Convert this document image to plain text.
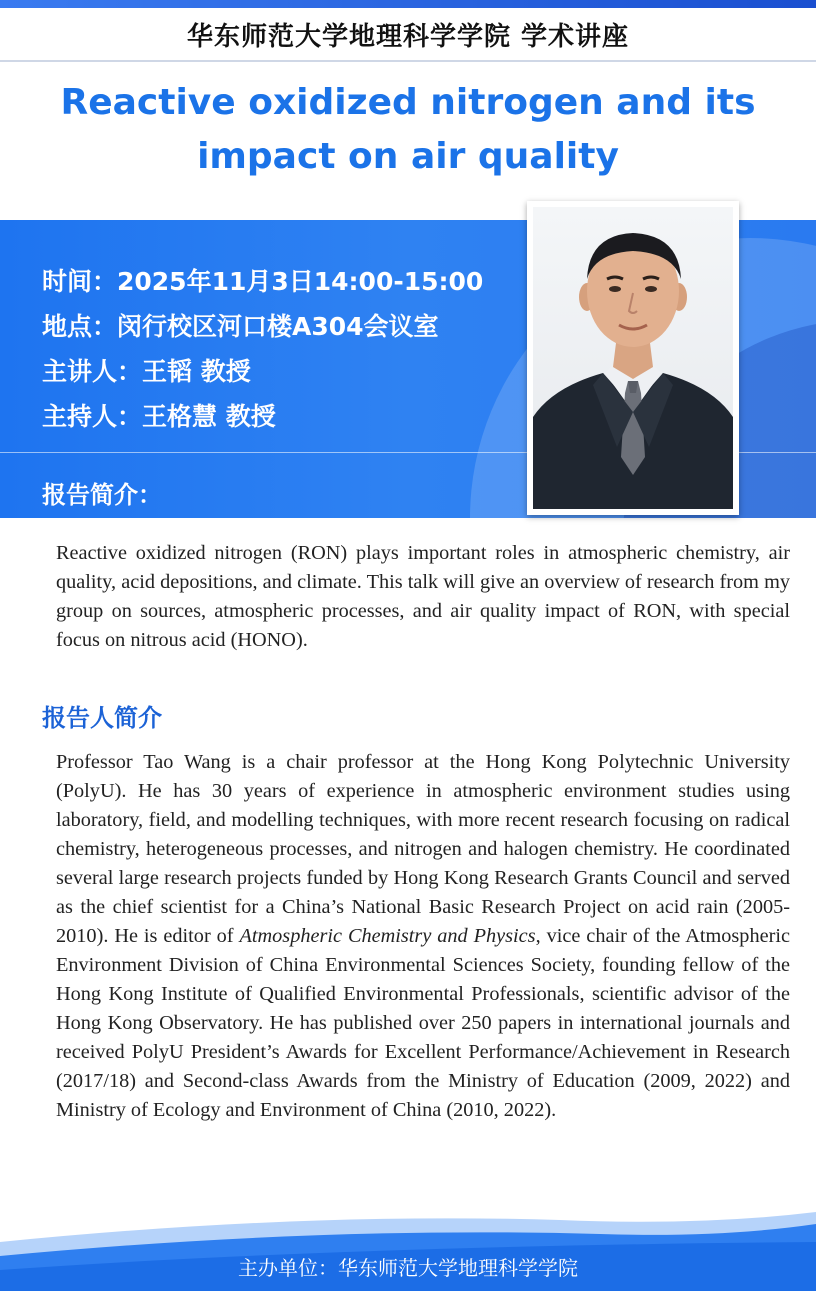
华东师范大学地理科学学院 学术讲座
Reactive oxidized nitrogen and its
impact on air quality
时间：2025年11月3日14:00-15:00
地点：闵行校区河口楼A304会议室
主讲人：王韬 教授
主持人：王格慧 教授
报告简介：
Reactive oxidized nitrogen (RON) plays important roles in atmospheric chemistry, air quality, acid depositions, and climate. This talk will give an overview of research from my group on sources, atmospheric processes, and air quality impact of RON, with special focus on nitrous acid (HONO).
报告人简介
Professor Tao Wang is a chair professor at the Hong Kong Polytechnic University (PolyU). He has 30 years of experience in atmospheric environment studies using laboratory, field, and modelling techniques, with more recent research focusing on radical chemistry, heterogeneous processes, and nitrogen and halogen chemistry. He coordinated several large research projects funded by Hong Kong Research Grants Council and served as the chief scientist for a China’s National Basic Research Project on acid rain (2005-2010). He is editor of Atmospheric Chemistry and Physics, vice chair of the Atmospheric Environment Division of China Environmental Sciences Society, founding fellow of the Hong Kong Institute of Qualified Environmental Professionals, scientific advisor of the Hong Kong Observatory. He has published over 250 papers in international journals and received PolyU President’s Awards for Excellent Performance/Achievement in Research (2017/18) and Second-class Awards from the Ministry of Education (2009, 2022) and Ministry of Ecology and Environment of China (2010, 2022).
主办单位：华东师范大学地理科学学院
